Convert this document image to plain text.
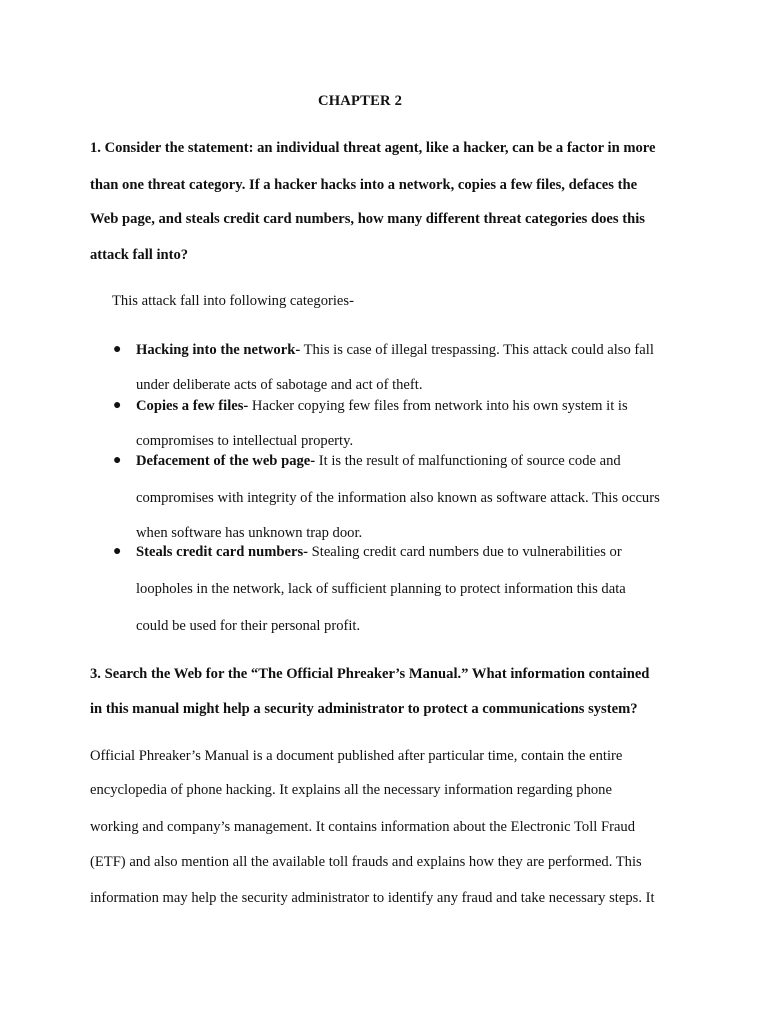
CHAPTER 2
1. Consider the statement: an individual threat agent, like a hacker, can be a factor in more
than one threat category. If a hacker hacks into a network, copies a few files, defaces the
Web page, and steals credit card numbers, how many different threat categories does this
attack fall into?
This attack fall into following categories-
● Hacking into the network- This is case of illegal trespassing. This attack could also fall
under deliberate acts of sabotage and act of theft.
● Copies a few files- Hacker copying few files from network into his own system it is
compromises to intellectual property.
● Defacement of the web page- It is the result of malfunctioning of source code and
compromises with integrity of the information also known as software attack. This occurs
when software has unknown trap door.
● Steals credit card numbers- Stealing credit card numbers due to vulnerabilities or
loopholes in the network, lack of sufficient planning to protect information this data
could be used for their personal profit.
3. Search the Web for the “The Official Phreaker’s Manual.” What information contained
in this manual might help a security administrator to protect a communications system?
Official Phreaker’s Manual is a document published after particular time, contain the entire
encyclopedia of phone hacking. It explains all the necessary information regarding phone
working and company’s management. It contains information about the Electronic Toll Fraud
(ETF) and also mention all the available toll frauds and explains how they are performed. This
information may help the security administrator to identify any fraud and take necessary steps. It
